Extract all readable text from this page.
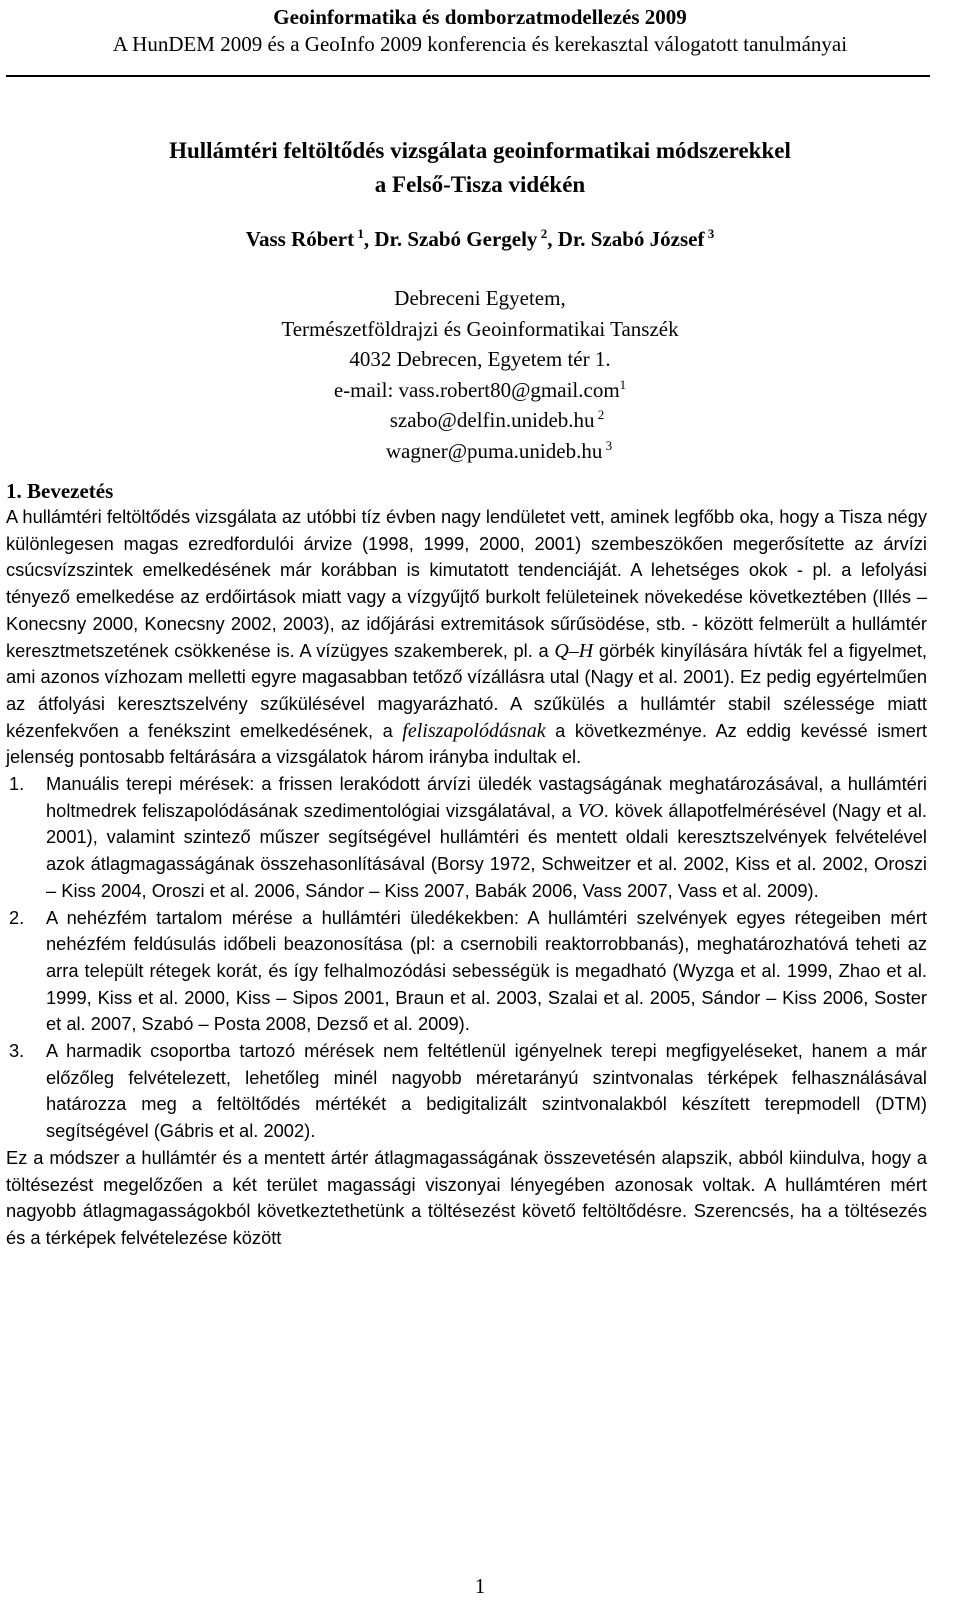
Geoinformatika és domborzatmodellezés 2009
A HunDEM 2009 és a GeoInfo 2009 konferencia és kerekasztal válogatott tanulmányai
Hullámtéri feltöltődés vizsgálata geoinformatikai módszerekkel
a Felső-Tisza vidékén
Vass Róbert $^1$, Dr. Szabó Gergely $^2$, Dr. Szabó József $^3$
Debreceni Egyetem,
Természetföldrajzi és Geoinformatikai Tanszék
4032 Debrecen, Egyetem tér 1.
e-mail: vass.robert80@gmail.com$^1$
szabo@delfin.unideb.hu $^2$
wagner@puma.unideb.hu $^3$

1. Bevezetés

A hullámtéri feltöltődés vizsgálata az utóbbi tíz évben nagy lendületet vett, aminek legfőbb oka, hogy a Tisza négy különlegesen magas ezredfordulói árvize (1998, 1999, 2000, 2001) szembeszökően megerősítette az árvízi csúcsvízszintek emelkedésének már korábban is kimutatott tendenciáját. A lehetséges okok - pl. a lefolyási tényező emelkedése az erdőirtások miatt vagy a vízgyűjtő burkolt felületeinek növekedése következtében (Illés – Konecsny 2000, Konecsny 2002, 2003), az időjárási extremitások sűrűsödése, stb. - között felmerült a hullámtér keresztmetszetének csökkenése is. A vízügyes szakemberek, pl. a Q–H görbék kinyílására hívták fel a figyelmet, ami azonos vízhozam melletti egyre magasabban tetőző vízállásra utal (Nagy et al. 2001). Ez pedig egyértelműen az átfolyási keresztszelvény szűkülésével magyarázható. A szűkülés a hullámtér stabil szélessége miatt kézenfekvően a fenékszint emelkedésének, a feliszapolódásnak a következménye. Az eddig kevéssé ismert jelenség pontosabb feltárására a vizsgálatok három irányba indultak el.

1. Manuális terepi mérések: a frissen lerakódott árvízi üledék vastagságának meghatározásával, a hullámtéri holtmedrek feliszapolódásának szedimentológiai vizsgálatával, a VO. kövek állapotfelmérésével (Nagy et al. 2001), valamint szintező műszer segítségével hullámtéri és mentett oldali keresztszelvények felvételével azok átlagmagasságának összehasonlításával (Borsy 1972, Schweitzer et al. 2002, Kiss et al. 2002, Oroszi – Kiss 2004, Oroszi et al. 2006, Sándor – Kiss 2007, Babák 2006, Vass 2007, Vass et al. 2009).
2. A nehézfém tartalom mérése a hullámtéri üledékekben: A hullámtéri szelvények egyes rétegeiben mért nehézfém feldúsulás időbeli beazonosítása (pl: a csernobili reaktorrobbanás), meghatározhatóvá teheti az arra települt rétegek korát, és így felhalmozódási sebességük is megadható (Wyzga et al. 1999, Zhao et al. 1999, Kiss et al. 2000, Kiss – Sipos 2001, Braun et al. 2003, Szalai et al. 2005, Sándor – Kiss 2006, Soster et al. 2007, Szabó – Posta 2008, Dezső et al. 2009).
3. A harmadik csoportba tartozó mérések nem feltétlenül igényelnek terepi megfigyeléseket, hanem a már előzőleg felvételezett, lehetőleg minél nagyobb méretarányú szintvonalas térképek felhasználásával határozza meg a feltöltődés mértékét a bedigitalizált szintvonalakból készített terepmodell (DTM) segítségével (Gábris et al. 2002).

Ez a módszer a hullámtér és a mentett ártér átlagmagasságának összevetésén alapszik, abból kiindulva, hogy a töltésezést megelőzően a két terület magassági viszonyai lényegében azonosak voltak. A hullámtéren mért nagyobb átlagmagasságokból következtethetünk a töltésezést követő feltöltődésre. Szerencsés, ha a töltésezés és a térképek felvételezése között

1
